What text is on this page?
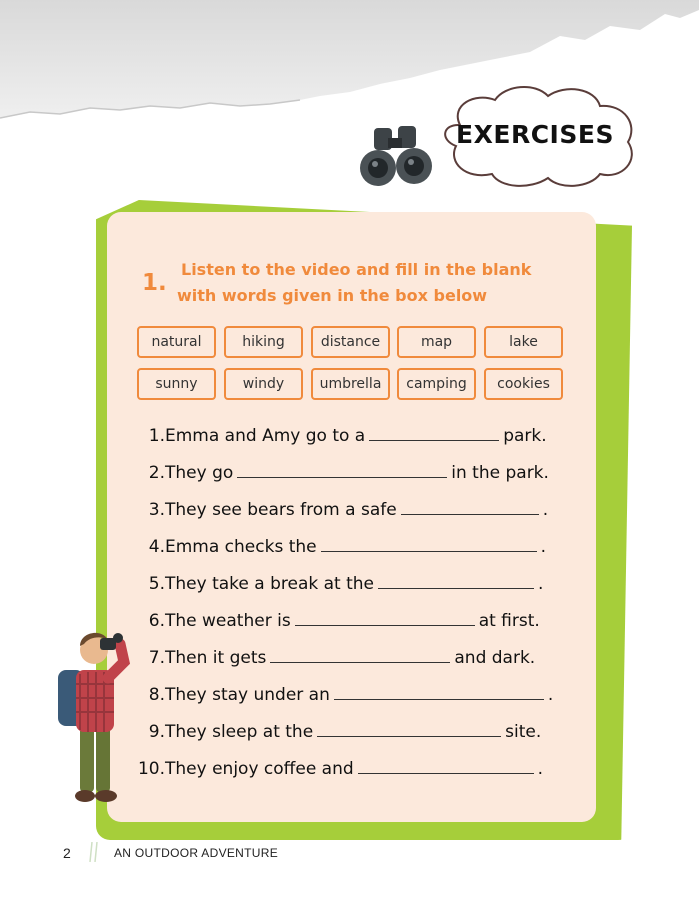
EXERCISES
1.
Listen to the video and fill in the blank
with words given in the box below
natural	hiking	distance	map	lake
sunny	windy	umbrella	camping	cookies
1.Emma and Amy go to a	park.
2.They go	in the park.
3.They see bears from a safe	.
4.Emma checks the	.
5.They take a break at the	.
6.The weather is	at first.
7.Then it gets	and dark.
8.They stay under an	.
9.They sleep at the	site.
10.They enjoy coffee and	.
2	AN OUTDOOR ADVENTURE
